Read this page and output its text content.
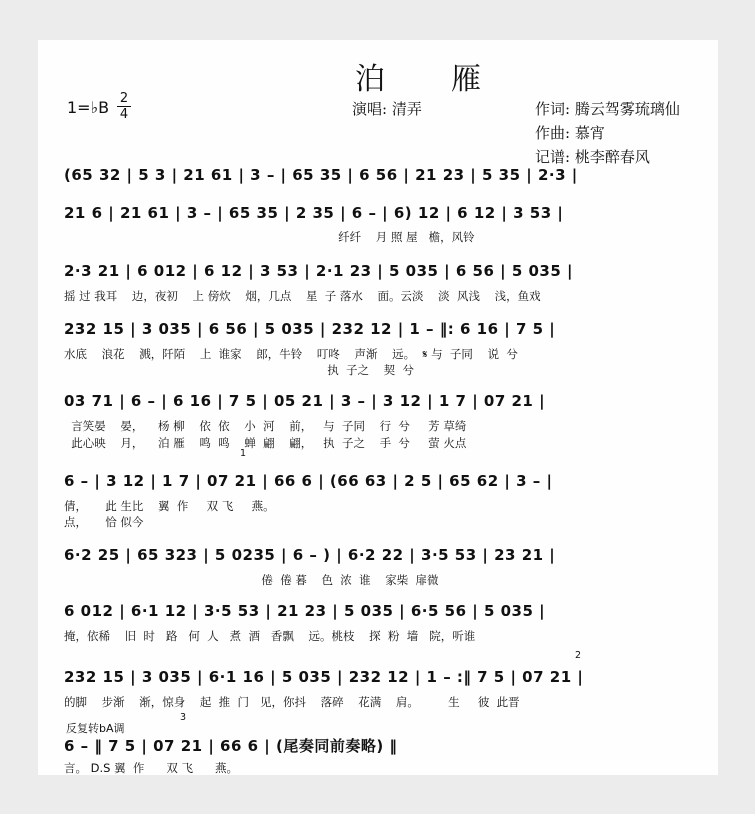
泊　雁
1=♭B 2
4	演唱: 清弄	作词: 腾云驾雾琉璃仙
作曲: 慕宵
记谱: 桃李醉春风
(65 32 | 5 3 | 21 61 | 3 – | 65 35 | 6 56 | 21 23 | 5 35 | 2·3 |
21 6 | 21 61 | 3 – | 65 35 | 2 35 | 6 – | 6) 12 | 6 12 | 3 53 |
纤纤    月 照 屋   檐，风铃
2·3 21 | 6 012 | 6 12 | 3 53 | 2·1 23 | 5 035 | 6 56 | 5 035 |
摇 过 我耳    边，夜初    上 傍炊    烟，几点    星  子 落水    面。云淡    淡  风浅    浅，鱼戏
232 15 | 3 035 | 6 56 | 5 035 | 232 12 | 1 – ‖: 6 16 | 7 5 |
水底    浪花    溅，阡陌    上  谁家    郎，牛铃    叮咚    声渐    远。  𝄋 与  子同    说  兮
执  子之    契  兮
03 71 | 6 – | 6 16 | 7 5 | 05 21 | 3 – | 3 12 | 1 7 | 07 21 |
言笑晏    晏，    杨 柳    依  依    小  河    前，   与  子同    行  兮     芳 草绮
此心映    月，    泊 雁    鸣  鸣    蝉  翩    翩，   执  子之    手  兮     萤 火点
1
6 – | 3 12 | 1 7 | 07 21 | 66 6 | (66 63 | 2 5 | 65 62 | 3 – |
倩，     此 生比    翼  作     双 飞     燕。
点，     恰 似今
6·2 25 | 65 323 | 5 0235 | 6 – ) | 6·2 22 | 3·5 53 | 23 21 |
倦  倦 暮    色  浓  谁    家柴  扉微
6 012 | 6·1 12 | 3·5 53 | 21 23 | 5 035 | 6·5 56 | 5 035 |
掩，依稀    旧  时   路   何  人   煮  酒   香飘    远。桃枝    探  粉  墙   院，听谁
2
232 15 | 3 035 | 6·1 16 | 5 035 | 232 12 | 1 – :‖ 7 5 | 07 21 |
的脚    步渐    渐，惊身    起  推  门   见，你抖    落碎    花满    肩。        生     彼  此晋
反复转bA调
3
6 – ‖ 7 5 | 07 21 | 66 6 | (尾奏同前奏略) ‖
言。 D.S 翼  作      双 飞      燕。
